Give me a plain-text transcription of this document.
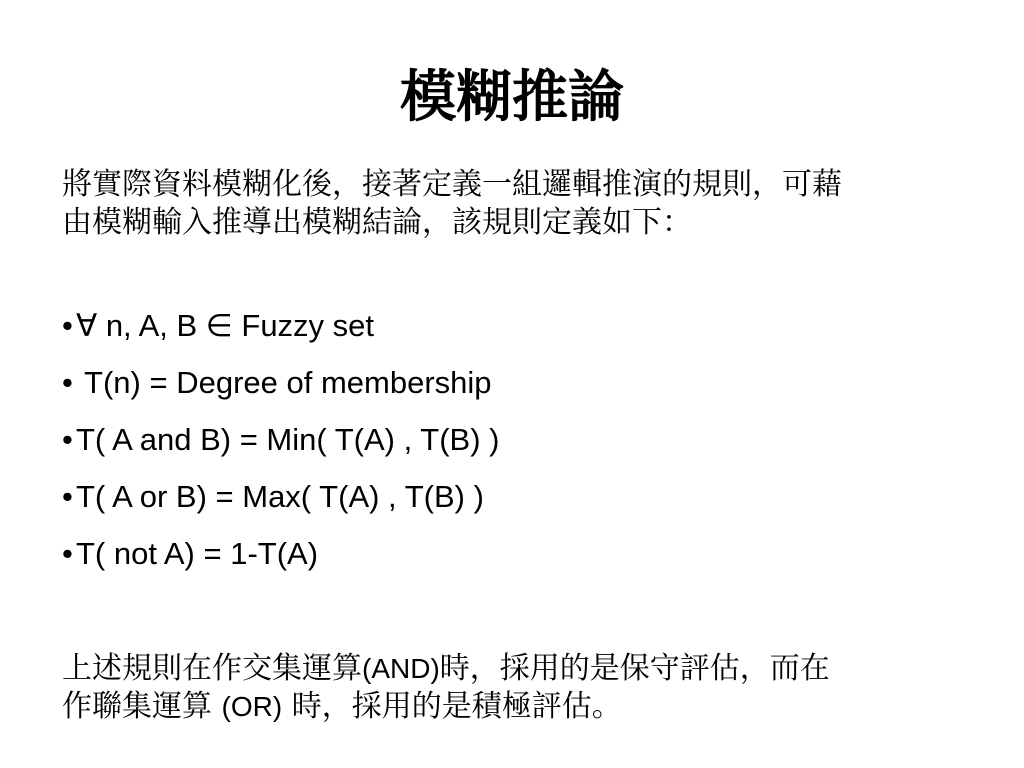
模糊推論
將實際資料模糊化後，接著定義一組邏輯推演的規則，可藉
由模糊輸入推導出模糊結論，該規則定義如下：
• ∀ n, A, B ∈ Fuzzy set
• T(n) = Degree of membership
• T( A and B) = Min( T(A) , T(B) )
• T( A or B) = Max( T(A) , T(B) )
• T( not A) = 1-T(A)
上述規則在作交集運算(AND)時，採用的是保守評估，而在
作聯集運算 (OR) 時，採用的是積極評估。
